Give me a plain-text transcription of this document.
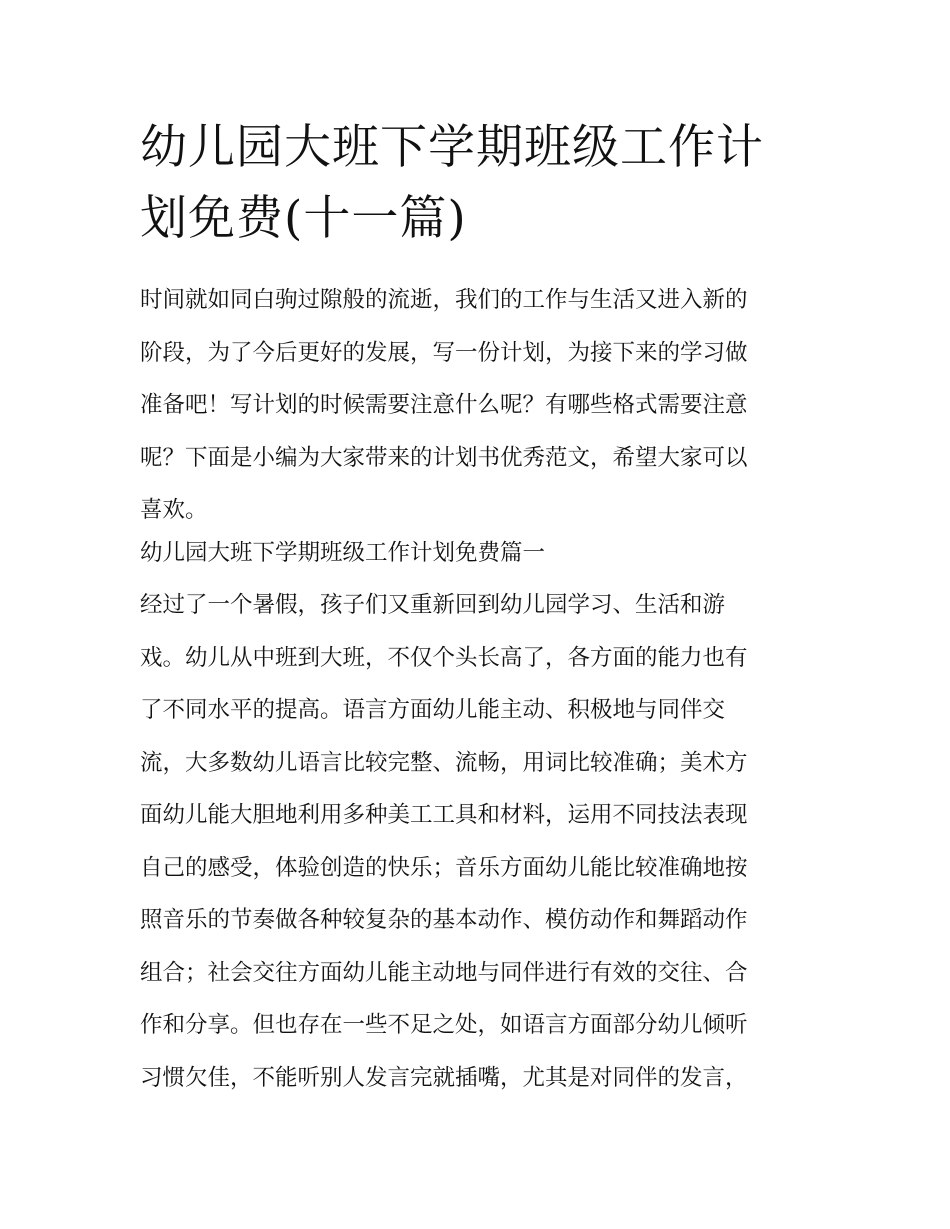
幼儿园大班下学期班级工作计
划免费(十一篇)

时间就如同白驹过隙般的流逝，我们的工作与生活又进入新的
阶段，为了今后更好的发展，写一份计划，为接下来的学习做
准备吧！写计划的时候需要注意什么呢？有哪些格式需要注意
呢？下面是小编为大家带来的计划书优秀范文，希望大家可以
喜欢。

幼儿园大班下学期班级工作计划免费篇一

经过了一个暑假，孩子们又重新回到幼儿园学习、生活和游
戏。幼儿从中班到大班，不仅个头长高了，各方面的能力也有
了不同水平的提高。语言方面幼儿能主动、积极地与同伴交
流，大多数幼儿语言比较完整、流畅，用词比较准确；美术方
面幼儿能大胆地利用多种美工工具和材料，运用不同技法表现
自己的感受，体验创造的快乐；音乐方面幼儿能比较准确地按
照音乐的节奏做各种较复杂的基本动作、模仿动作和舞蹈动作
组合；社会交往方面幼儿能主动地与同伴进行有效的交往、合
作和分享。但也存在一些不足之处，如语言方面部分幼儿倾听
习惯欠佳，不能听别人发言完就插嘴，尤其是对同伴的发言，
